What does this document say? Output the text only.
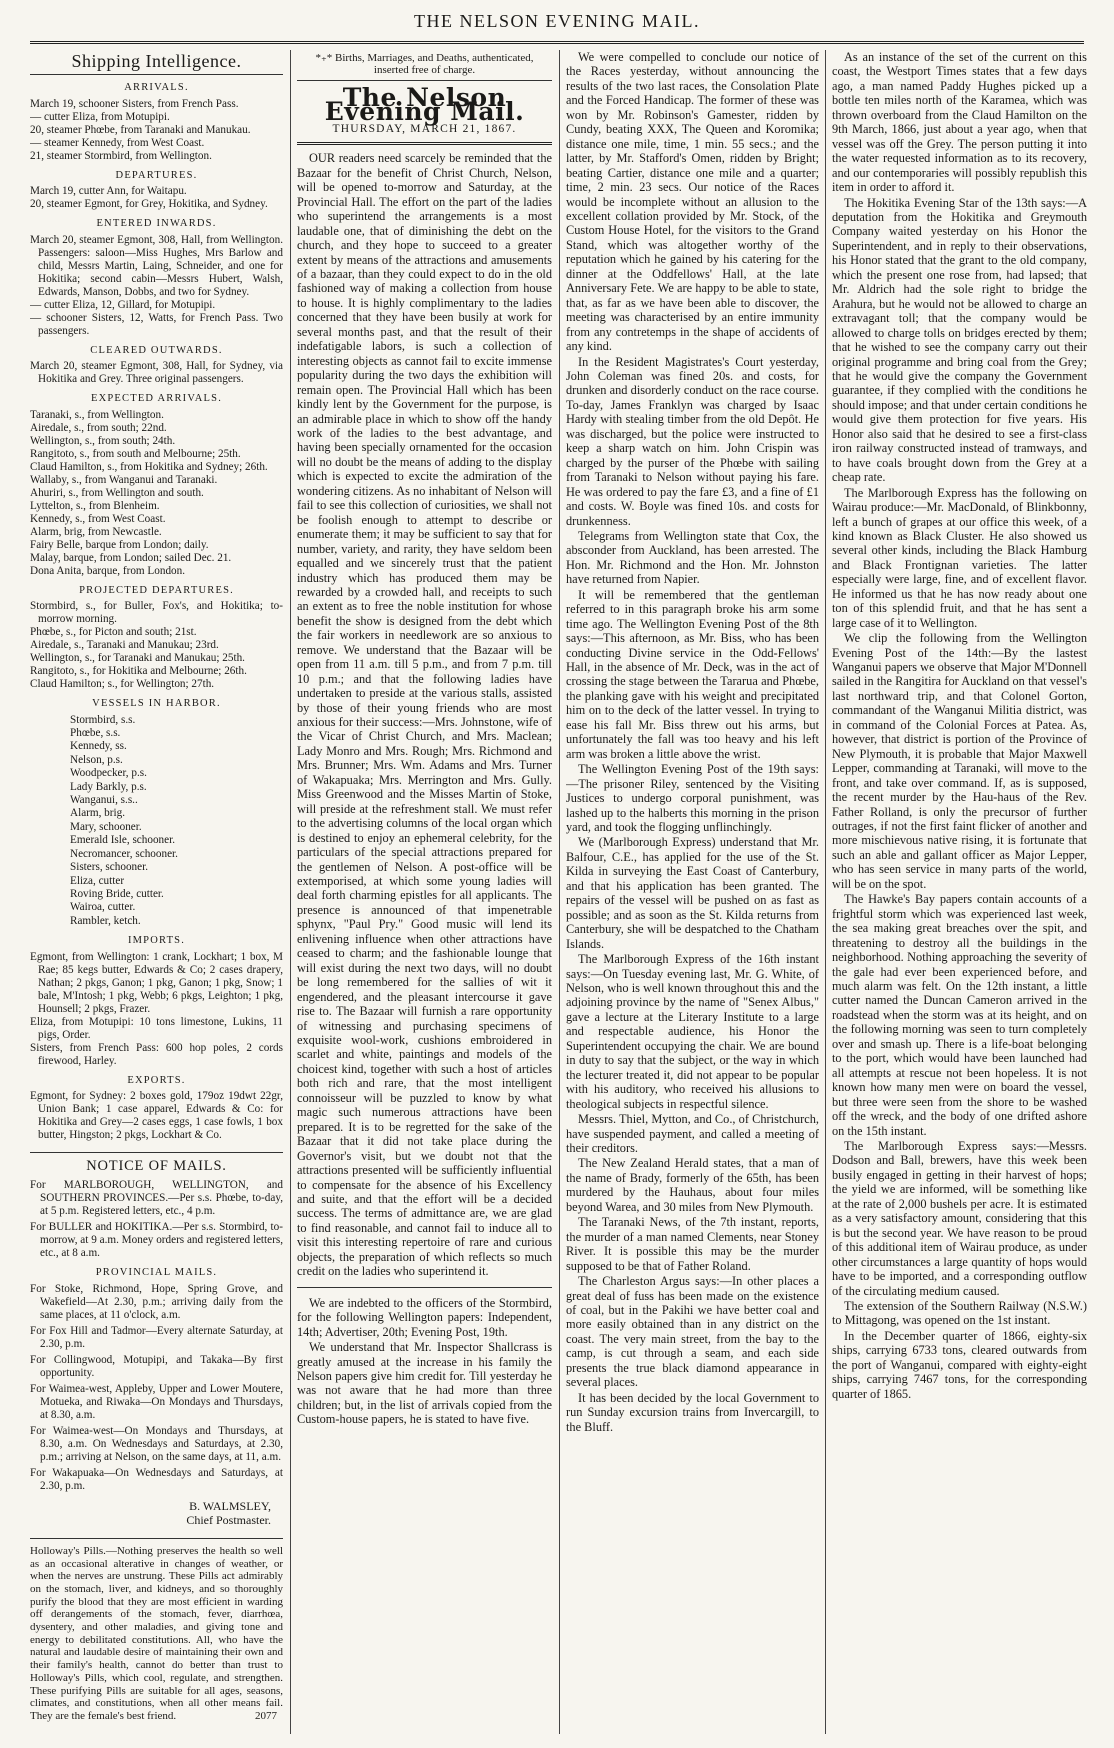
THE NELSON EVENING MAIL.
Shipping Intelligence.
ARRIVALS.
March 19, schooner Sisters, from French Pass.
— cutter Eliza, from Motupipi.
20, steamer Phœbe, from Taranaki and Manukau.
— steamer Kennedy, from West Coast.
21, steamer Stormbird, from Wellington.
DEPARTURES.
March 19, cutter Ann, for Waitapu.
20, steamer Egmont, for Grey, Hokitika, and Sydney.
ENTERED INWARDS.
March 20, steamer Egmont, 308, Hall, from Wellington. Passengers: saloon—Miss Hughes, Mrs Barlow and child, Messrs Martin, Laing, Schneider, and one for Hokitika; second cabin—Messrs Hubert, Walsh, Edwards, Manson, Dobbs, and two for Sydney.
— cutter Eliza, 12, Gillard, for Motupipi.
— schooner Sisters, 12, Watts, for French Pass. Two passengers.
CLEARED OUTWARDS.
March 20, steamer Egmont, 308, Hall, for Sydney, via Hokitika and Grey. Three original passengers.
EXPECTED ARRIVALS.
Taranaki, s., from Wellington.
Airedale, s., from south; 22nd.
Wellington, s., from south; 24th.
Rangitoto, s., from south and Melbourne; 25th.
Claud Hamilton, s., from Hokitika and Sydney; 26th.
Wallaby, s., from Wanganui and Taranaki.
Ahuriri, s., from Wellington and south.
Lyttelton, s., from Blenheim.
Kennedy, s., from West Coast.
Alarm, brig, from Newcastle.
Fairy Belle, barque from London; daily.
Malay, barque, from London; sailed Dec. 21.
Dona Anita, barque, from London.
PROJECTED DEPARTURES.
Stormbird, s., for Buller, Fox's, and Hokitika; to-morrow morning.
Phœbe, s., for Picton and south; 21st.
Airedale, s., Taranaki and Manukau; 23rd.
Wellington, s., for Taranaki and Manukau; 25th.
Rangitoto, s., for Hokitika and Melbourne; 26th.
Claud Hamilton; s., for Wellington; 27th.
VESSELS IN HARBOR.
Stormbird, s.s.
Phœbe, s.s.
Kennedy, ss.
Nelson, p.s.
Woodpecker, p.s.
Lady Barkly, p.s.
Wanganui, s.s..
Alarm, brig.
Mary, schooner.
Emerald Isle, schooner.
Necromancer, schooner.
Sisters, schooner.
Eliza, cutter
Roving Bride, cutter.
Wairoa, cutter.
Rambler, ketch.
IMPORTS.
Egmont, from Wellington: 1 crank, Lockhart; 1 box, M Rae; 85 kegs butter, Edwards & Co; 2 cases drapery, Nathan; 2 pkgs, Ganon; 1 pkg, Ganon; 1 pkg, Snow; 1 bale, M'Intosh; 1 pkg, Webb; 6 pkgs, Leighton; 1 pkg, Hounsell; 2 pkgs, Frazer.
Eliza, from Motupipi: 10 tons limestone, Lukins, 11 pigs, Order.
Sisters, from French Pass: 600 hop poles, 2 cords firewood, Harley.
EXPORTS.
Egmont, for Sydney: 2 boxes gold, 179oz 19dwt 22gr, Union Bank; 1 case apparel, Edwards & Co: for Hokitika and Grey—2 cases eggs, 1 case fowls, 1 box butter, Hingston; 2 pkgs, Lockhart & Co.
NOTICE OF MAILS.
For MARLBOROUGH, WELLINGTON, and SOUTHERN PROVINCES.—Per s.s. Phœbe, to-day, at 5 p.m. Registered letters, etc., 4 p.m.
For BULLER and HOKITIKA.—Per s.s. Stormbird, to-morrow, at 9 a.m. Money orders and registered letters, etc., at 8 a.m.
PROVINCIAL MAILS.
For Stoke, Richmond, Hope, Spring Grove, and Wakefield—At 2.30, p.m.; arriving daily from the same places, at 11 o'clock, a.m.
For Fox Hill and Tadmor—Every alternate Saturday, at 2.30, p.m.
For Collingwood, Motupipi, and Takaka—By first opportunity.
For Waimea-west, Appleby, Upper and Lower Moutere, Motueka, and Riwaka—On Mondays and Thursdays, at 8.30, a.m.
For Waimea-west—On Mondays and Thursdays, at 8.30, a.m. On Wednesdays and Saturdays, at 2.30, p.m.; arriving at Nelson, on the same days, at 11, a.m.
For Wakapuaka—On Wednesdays and Saturdays, at 2.30, p.m.
B. WALMSLEY,
Chief Postmaster.
Holloway's Pills.—Nothing preserves the health so well as an occasional alterative in changes of weather, or when the nerves are unstrung. These Pills act admirably on the stomach, liver, and kidneys, and so thoroughly purify the blood that they are most efficient in warding off derangements of the stomach, fever, diarrhœa, dysentery, and other maladies, and giving tone and energy to debilitated constitutions. All, who have the natural and laudable desire of maintaining their own and their family's health, cannot do better than trust to Holloway's Pills, which cool, regulate, and strengthen. These purifying Pills are suitable for all ages, seasons, climates, and constitutions, when all other means fail. They are the female's best friend.	2077
*₊* Births, Marriages, and Deaths, authenticated, inserted free of charge.
The Nelson Evening Mail.
THURSDAY, MARCH 21, 1867.

OUR readers need scarcely be reminded that the Bazaar for the benefit of Christ Church, Nelson, will be opened to-morrow and Saturday, at the Provincial Hall. The effort on the part of the ladies who superintend the arrangements is a most laudable one, that of diminishing the debt on the church, and they hope to succeed to a greater extent by means of the attractions and amusements of a bazaar, than they could expect to do in the old fashioned way of making a collection from house to house. It is highly complimentary to the ladies concerned that they have been busily at work for several months past, and that the result of their indefatigable labors, is such a collection of interesting objects as cannot fail to excite immense popularity during the two days the exhibition will remain open. The Provincial Hall which has been kindly lent by the Government for the purpose, is an admirable place in which to show off the handy work of the ladies to the best advantage, and having been specially ornamented for the occasion will no doubt be the means of adding to the display which is expected to excite the admiration of the wondering citizens. As no inhabitant of Nelson will fail to see this collection of curiosities, we shall not be foolish enough to attempt to describe or enumerate them; it may be sufficient to say that for number, variety, and rarity, they have seldom been equalled and we sincerely trust that the patient industry which has produced them may be rewarded by a crowded hall, and receipts to such an extent as to free the noble institution for whose benefit the show is designed from the debt which the fair workers in needlework are so anxious to remove. We understand that the Bazaar will be open from 11 a.m. till 5 p.m., and from 7 p.m. till 10 p.m.; and that the following ladies have undertaken to preside at the various stalls, assisted by those of their young friends who are most anxious for their success:—Mrs. Johnstone, wife of the Vicar of Christ Church, and Mrs. Maclean; Lady Monro and Mrs. Rough; Mrs. Richmond and Mrs. Brunner; Mrs. Wm. Adams and Mrs. Turner of Wakapuaka; Mrs. Merrington and Mrs. Gully. Miss Greenwood and the Misses Martin of Stoke, will preside at the refreshment stall. We must refer to the advertising columns of the local organ which is destined to enjoy an ephemeral celebrity, for the particulars of the special attractions prepared for the gentlemen of Nelson. A post-office will be extemporised, at which some young ladies will deal forth charming epistles for all applicants. The presence is announced of that impenetrable sphynx, "Paul Pry." Good music will lend its enlivening influence when other attractions have ceased to charm; and the fashionable lounge that will exist during the next two days, will no doubt be long remembered for the sallies of wit it engendered, and the pleasant intercourse it gave rise to. The Bazaar will furnish a rare opportunity of witnessing and purchasing specimens of exquisite wool-work, cushions embroidered in scarlet and white, paintings and models of the choicest kind, together with such a host of articles both rich and rare, that the most intelligent connoisseur will be puzzled to know by what magic such numerous attractions have been prepared. It is to be regretted for the sake of the Bazaar that it did not take place during the Governor's visit, but we doubt not that the attractions presented will be sufficiently influential to compensate for the absence of his Excellency and suite, and that the effort will be a decided success. The terms of admittance are, we are glad to find reasonable, and cannot fail to induce all to visit this interesting repertoire of rare and curious objects, the preparation of which reflects so much credit on the ladies who superintend it.

We are indebted to the officers of the Stormbird, for the following Wellington papers: Independent, 14th; Advertiser, 20th; Evening Post, 19th.

We understand that Mr. Inspector Shallcrass is greatly amused at the increase in his family the Nelson papers give him credit for. Till yesterday he was not aware that he had more than three children; but, in the list of arrivals copied from the Custom-house papers, he is stated to have five.

We were compelled to conclude our notice of the Races yesterday, without announcing the results of the two last races, the Consolation Plate and the Forced Handicap. The former of these was won by Mr. Robinson's Gamester, ridden by Cundy, beating XXX, The Queen and Koromika; distance one mile, time, 1 min. 55 secs.; and the latter, by Mr. Stafford's Omen, ridden by Bright; beating Cartier, distance one mile and a quarter; time, 2 min. 23 secs. Our notice of the Races would be incomplete without an allusion to the excellent collation provided by Mr. Stock, of the Custom House Hotel, for the visitors to the Grand Stand, which was altogether worthy of the reputation which he gained by his catering for the dinner at the Oddfellows' Hall, at the late Anniversary Fete. We are happy to be able to state, that, as far as we have been able to discover, the meeting was characterised by an entire immunity from any contretemps in the shape of accidents of any kind.

In the Resident Magistrates's Court yesterday, John Coleman was fined 20s. and costs, for drunken and disorderly conduct on the race course. To-day, James Franklyn was charged by Isaac Hardy with stealing timber from the old Depôt. He was discharged, but the police were instructed to keep a sharp watch on him. John Crispin was charged by the purser of the Phœbe with sailing from Taranaki to Nelson without paying his fare. He was ordered to pay the fare £3, and a fine of £1 and costs. W. Boyle was fined 10s. and costs for drunkenness.

Telegrams from Wellington state that Cox, the absconder from Auckland, has been arrested. The Hon. Mr. Richmond and the Hon. Mr. Johnston have returned from Napier.

It will be remembered that the gentleman referred to in this paragraph broke his arm some time ago. The Wellington Evening Post of the 8th says:—This afternoon, as Mr. Biss, who has been conducting Divine service in the Odd-Fellows' Hall, in the absence of Mr. Deck, was in the act of crossing the stage between the Tararua and Phœbe, the planking gave with his weight and precipitated him on to the deck of the latter vessel. In trying to ease his fall Mr. Biss threw out his arms, but unfortunately the fall was too heavy and his left arm was broken a little above the wrist.

The Wellington Evening Post of the 19th says:—The prisoner Riley, sentenced by the Visiting Justices to undergo corporal punishment, was lashed up to the halberts this morning in the prison yard, and took the flogging unflinchingly.

We (Marlborough Express) understand that Mr. Balfour, C.E., has applied for the use of the St. Kilda in surveying the East Coast of Canterbury, and that his application has been granted. The repairs of the vessel will be pushed on as fast as possible; and as soon as the St. Kilda returns from Canterbury, she will be despatched to the Chatham Islands.

The Marlborough Express of the 16th instant says:—On Tuesday evening last, Mr. G. White, of Nelson, who is well known throughout this and the adjoining province by the name of "Senex Albus," gave a lecture at the Literary Institute to a large and respectable audience, his Honor the Superintendent occupying the chair. We are bound in duty to say that the subject, or the way in which the lecturer treated it, did not appear to be popular with his auditory, who received his allusions to theological subjects in respectful silence.

Messrs. Thiel, Mytton, and Co., of Christchurch, have suspended payment, and called a meeting of their creditors.

The New Zealand Herald states, that a man of the name of Brady, formerly of the 65th, has been murdered by the Hauhaus, about four miles beyond Warea, and 30 miles from New Plymouth.

The Taranaki News, of the 7th instant, reports, the murder of a man named Clements, near Stoney River. It is possible this may be the murder supposed to be that of Father Roland.

The Charleston Argus says:—In other places a great deal of fuss has been made on the existence of coal, but in the Pakihi we have better coal and more easily obtained than in any district on the coast. The very main street, from the bay to the camp, is cut through a seam, and each side presents the true black diamond appearance in several places.

It has been decided by the local Government to run Sunday excursion trains from Invercargill, to the Bluff.

As an instance of the set of the current on this coast, the Westport Times states that a few days ago, a man named Paddy Hughes picked up a bottle ten miles north of the Karamea, which was thrown overboard from the Claud Hamilton on the 9th March, 1866, just about a year ago, when that vessel was off the Grey. The person putting it into the water requested information as to its recovery, and our contemporaries will possibly republish this item in order to afford it.

The Hokitika Evening Star of the 13th says:—A deputation from the Hokitika and Greymouth Company waited yesterday on his Honor the Superintendent, and in reply to their observations, his Honor stated that the grant to the old company, which the present one rose from, had lapsed; that Mr. Aldrich had the sole right to bridge the Arahura, but he would not be allowed to charge an extravagant toll; that the company would be allowed to charge tolls on bridges erected by them; that he wished to see the company carry out their original programme and bring coal from the Grey; that he would give the company the Government guarantee, if they complied with the conditions he should impose; and that under certain conditions he would give them protection for five years. His Honor also said that he desired to see a first-class iron railway constructed instead of tramways, and to have coals brought down from the Grey at a cheap rate.

The Marlborough Express has the following on Wairau produce:—Mr. MacDonald, of Blinkbonny, left a bunch of grapes at our office this week, of a kind known as Black Cluster. He also showed us several other kinds, including the Black Hamburg and Black Frontignan varieties. The latter especially were large, fine, and of excellent flavor. He informed us that he has now ready about one ton of this splendid fruit, and that he has sent a large case of it to Wellington.

We clip the following from the Wellington Evening Post of the 14th:—By the lastest Wanganui papers we observe that Major M'Donnell sailed in the Rangitira for Auckland on that vessel's last northward trip, and that Colonel Gorton, commandant of the Wanganui Militia district, was in command of the Colonial Forces at Patea. As, however, that district is portion of the Province of New Plymouth, it is probable that Major Maxwell Lepper, commanding at Taranaki, will move to the front, and take over command. If, as is supposed, the recent murder by the Hau-haus of the Rev. Father Rolland, is only the precursor of further outrages, if not the first faint flicker of another and more mischievous native rising, it is fortunate that such an able and gallant officer as Major Lepper, who has seen service in many parts of the world, will be on the spot.

The Hawke's Bay papers contain accounts of a frightful storm which was experienced last week, the sea making great breaches over the spit, and threatening to destroy all the buildings in the neighborhood. Nothing approaching the severity of the gale had ever been experienced before, and much alarm was felt. On the 12th instant, a little cutter named the Duncan Cameron arrived in the roadstead when the storm was at its height, and on the following morning was seen to turn completely over and smash up. There is a life-boat belonging to the port, which would have been launched had all attempts at rescue not been hopeless. It is not known how many men were on board the vessel, but three were seen from the shore to be washed off the wreck, and the body of one drifted ashore on the 15th instant.

The Marlborough Express says:—Messrs. Dodson and Ball, brewers, have this week been busily engaged in getting in their harvest of hops; the yield we are informed, will be something like at the rate of 2,000 bushels per acre. It is estimated as a very satisfactory amount, considering that this is but the second year. We have reason to be proud of this additional item of Wairau produce, as under other circumstances a large quantity of hops would have to be imported, and a corresponding outflow of the circulating medium caused.

The extension of the Southern Railway (N.S.W.) to Mittagong, was opened on the 1st instant.

In the December quarter of 1866, eighty-six ships, carrying 6733 tons, cleared outwards from the port of Wanganui, compared with eighty-eight ships, carrying 7467 tons, for the corresponding quarter of 1865.
